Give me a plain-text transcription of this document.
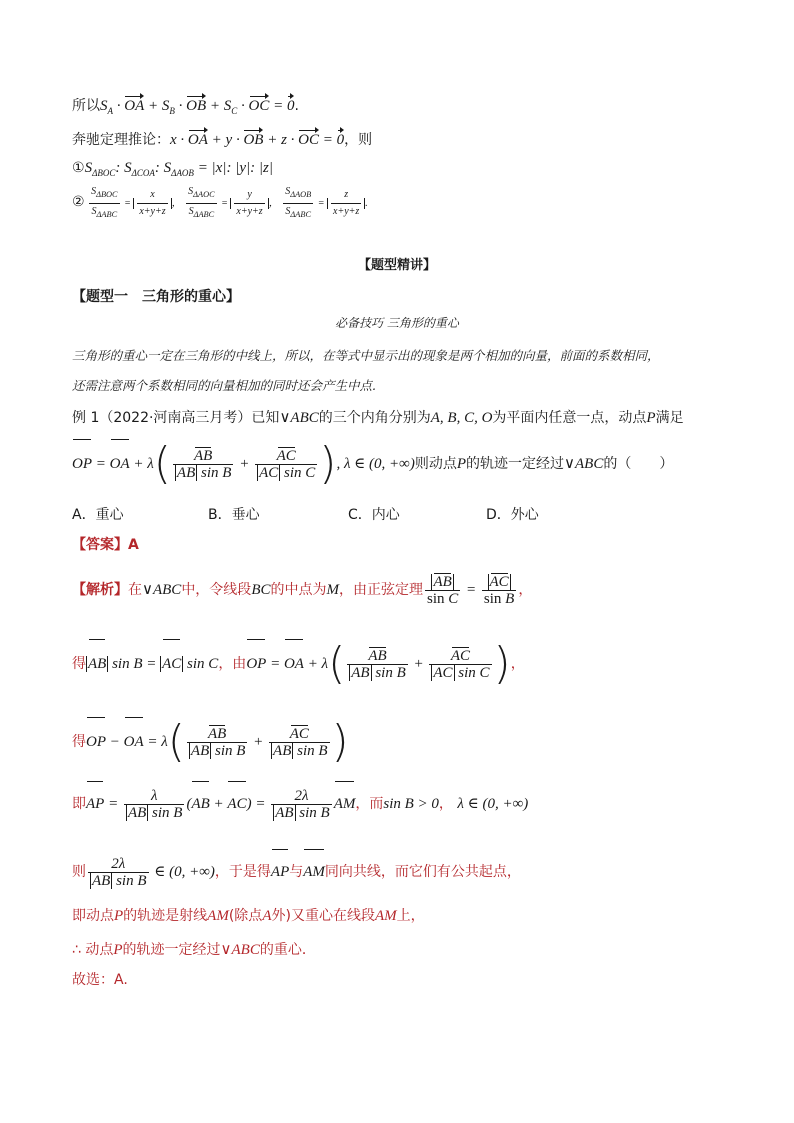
所以$S_A$ · OA + $S_B$ · OB + $S_C$ · OC = 0.
奔驰定理推论：x · OA + y · OB + z · OC = 0，则
$①S_{\Delta BOC}$: $S_{\Delta COA}$: $S_{\Delta AOB} = |x|$: |y|: |z|
② $\frac{S_{\Delta BOC}}{S_{\Delta ABC}} = \frac{x}{x+y+z}$ ， $\frac{S_{\Delta AOC}}{S_{\Delta ABC}} = \frac{y}{x+y+z}$ ， $\frac{S_{\Delta AOB}}{S_{\Delta ABC}} = \frac{z}{x+y+z}$ .
【题型精讲】
【题型一　三角形的重心】
必备技巧 三角形的重心
三角形的重心一定在三角形的中线上，所以，在等式中显示出的现象是两个相加的向量，前面的系数相同，
还需注意两个系数相同的向量相加的同时还会产生中点.
例 1（2022·河南高三月考）已知∨ABC的三个内角分别为A, B, C, O为平面内任意一点，动点P满足
OP = OA + $\lambda( \frac{AB}{\text{AB sin B}} + \frac{AC}{\text{AC sin C}}$ ), λ ∈ (0, +∞)则动点P的轨迹一定经过∨ABC的（　　）
A．重心	B．垂心	C．内心	D．外心
【答案】A
【解析】在∨ABC中，令线段BC的中点为M，由正弦定理 $\frac{AB}{\text{sin C}} = \frac{AC}{\text{sin B}}$ ，
得 AB sin B = AC sin C，由OP = OA + $\lambda( \frac{AB}{\text{AB sin B}} + \frac{AC}{\text{AC sin C}}$ )，
得OP − OA = $\lambda( \frac{AB}{\text{AB sin B}} + \frac{AC}{\text{AB sin B}}$ )
即AP = $\frac{\lambda}{\text{AB sin B}} (AB + AC) = \frac{2\lambda}{\text{AB sin B}}$ AM，而sin B > 0， λ ∈ (0, +∞)
则 $\frac{2\lambda}{\text{AB sin B}}$ ∈ (0, +∞)，于是得AP与AM同向共线，而它们有公共起点，
即动点P的轨迹是射线AM(除点A外)又重心在线段AM上，
∴ 动点P的轨迹一定经过∨ABC的重心．
故选：A.
